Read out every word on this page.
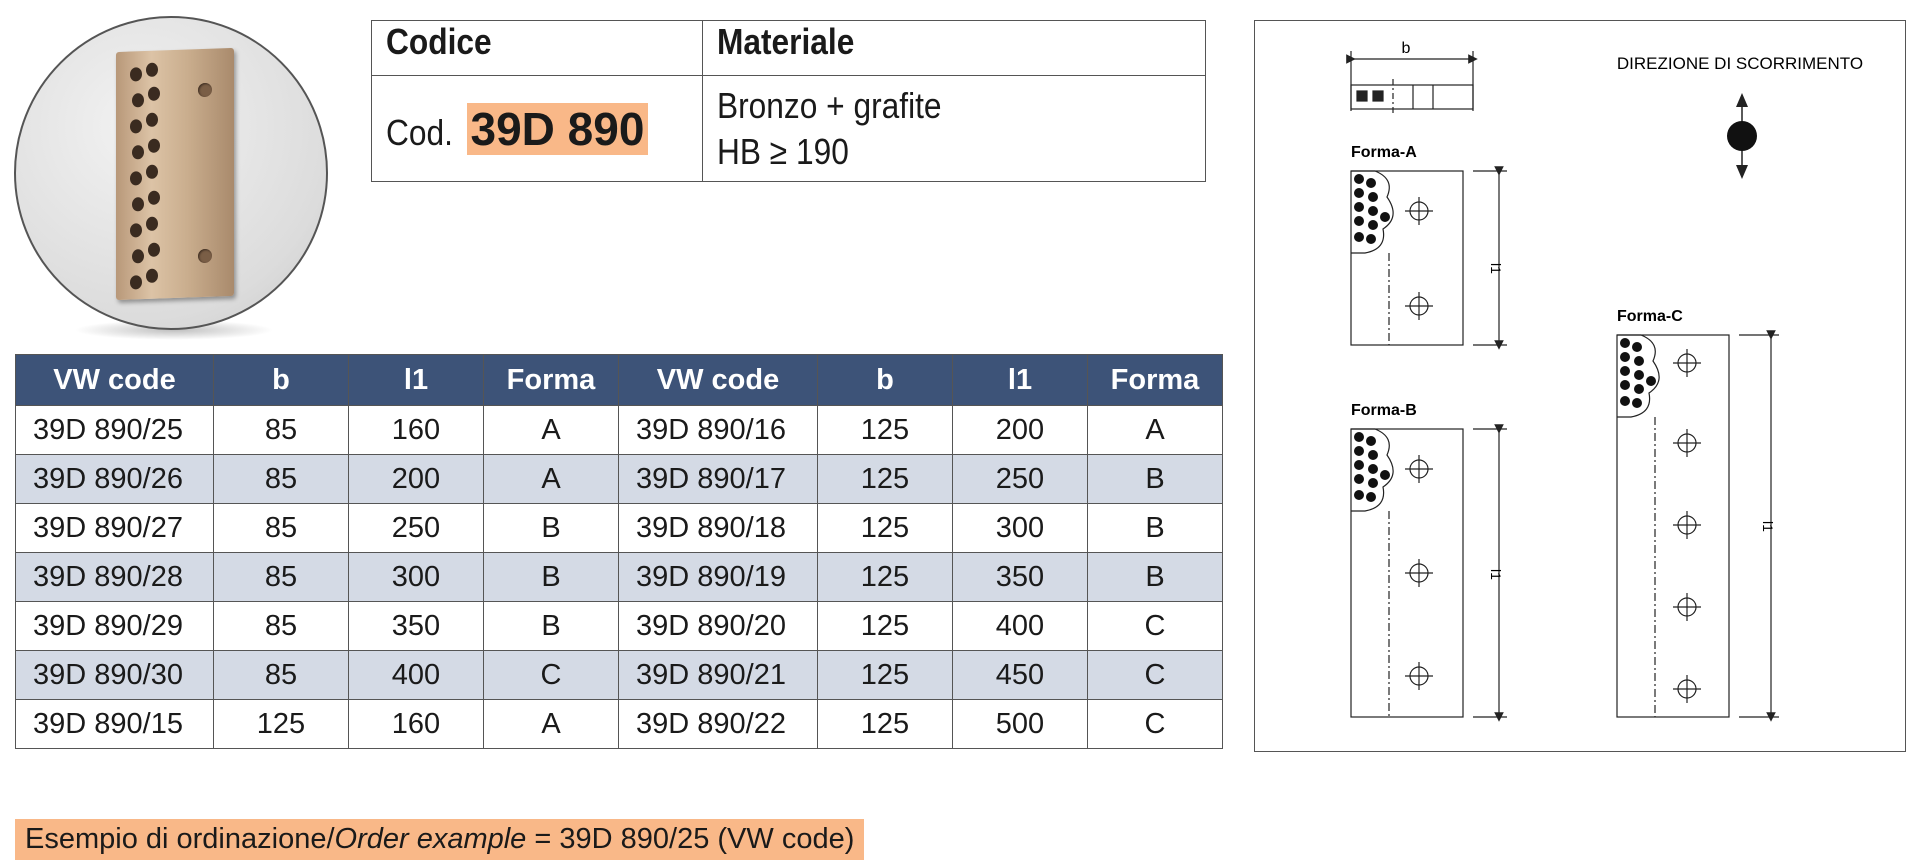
Codice	Materiale
Cod. 39D 890	Bronzo + grafite
HB ≥ 190
VW code	b	l1	Forma	VW code	b	l1	Forma
39D 890/25	85	160	A	39D 890/16	125	200	A
39D 890/26	85	200	A	39D 890/17	125	250	B
39D 890/27	85	250	B	39D 890/18	125	300	B
39D 890/28	85	300	B	39D 890/19	125	350	B
39D 890/29	85	350	B	39D 890/20	125	400	C
39D 890/30	85	400	C	39D 890/21	125	450	C
39D 890/15	125	160	A	39D 890/22	125	500	C
Esempio di ordinazione/Order example = 39D 890/25 (VW code)
b
DIREZIONE DI SCORRIMENTO
Forma-A
l1
Forma-B
l1
Forma-C
l1
